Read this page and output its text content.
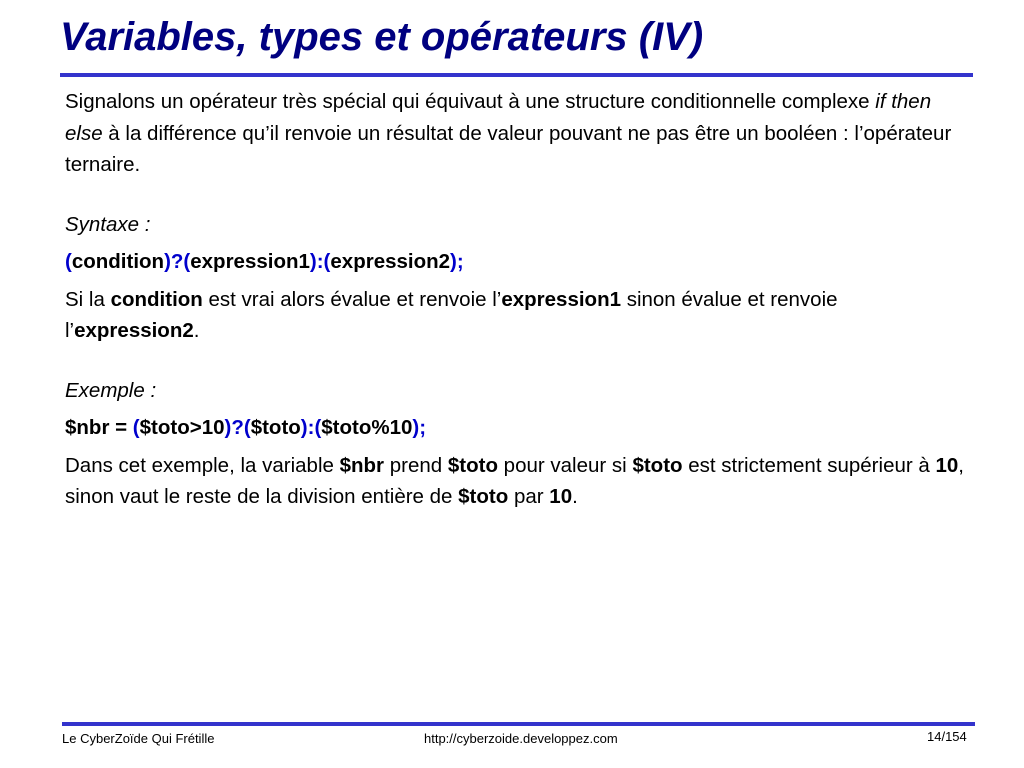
Variables, types et opérateurs (IV)

Signalons un opérateur très spécial qui équivaut à une structure conditionnelle complexe if then else à la différence qu’il renvoie un résultat de valeur pouvant ne pas être un booléen : l’opérateur ternaire.

Syntaxe :

(condition)?(expression1):(expression2);

Si la condition est vrai alors évalue et renvoie l’expression1 sinon évalue et renvoie l’expression2.

Exemple :

$nbr = ($toto>10)?($toto):($toto%10);

Dans cet exemple, la variable $nbr prend $toto pour valeur si $toto est strictement supérieur à 10, sinon vaut le reste de la division entière de $toto par 10.

Le CyberZoïde Qui Frétille	http://cyberzoide.developpez.com	14/154
